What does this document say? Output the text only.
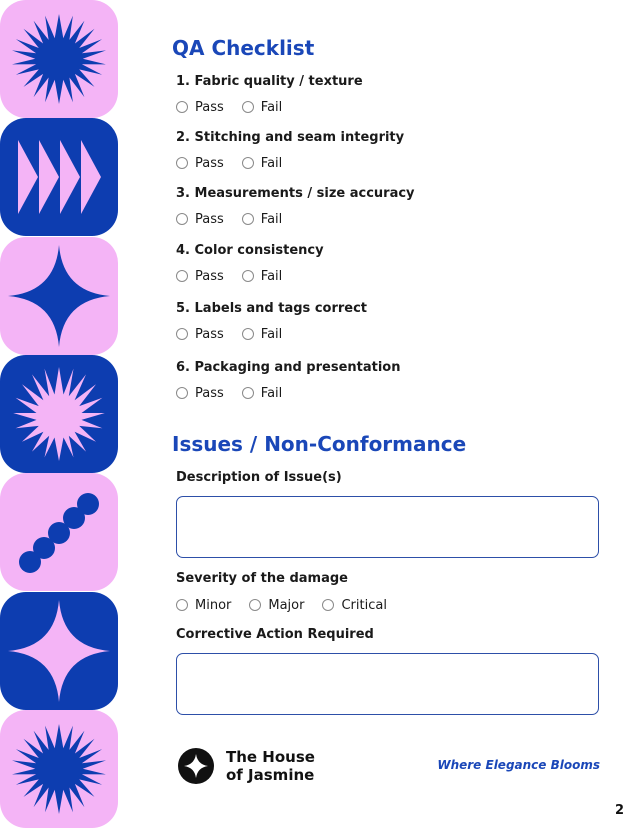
QA Checklist
1. Fabric quality / texture
Pass	Fail
2. Stitching and seam integrity
Pass	Fail
3. Measurements / size accuracy
Pass	Fail
4. Color consistency
Pass	Fail
5. Labels and tags correct
Pass	Fail
6. Packaging and presentation
Pass	Fail
Issues / Non-Conformance
Description of Issue(s)
Severity of the damage
Minor	Major	Critical
Corrective Action Required
The House
of Jasmine
Where Elegance Blooms
2
